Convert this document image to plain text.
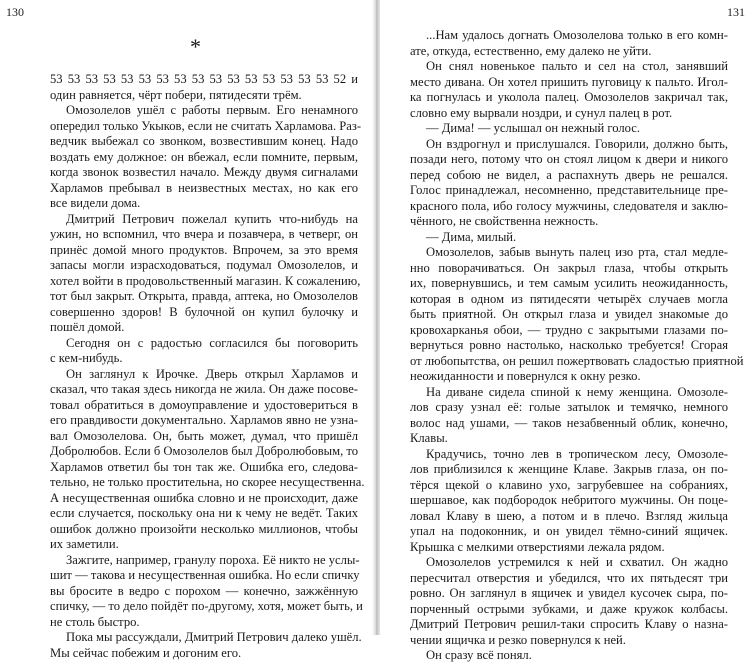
130
*
53 53 53 53 53 53 53 53 53 53 53 53 53 53 53 53 52 и
один равняется, чёрт побери, пятидесяти трём.
Омозолелов ушёл с работы первым. Его ненамного
опередил только Укыков, если не считать Харламова. Раз-
ведчик выбежал со звонком, возвестившим конец. Надо
воздать ему должное: он вбежал, если помните, первым,
когда звонок возвестил начало. Между двумя сигналами
Харламов пребывал в неизвестных местах, но как его
все видели дома.
Дмитрий Петрович пожелал купить что-нибудь на
ужин, но вспомнил, что вчера и позавчера, в четверг, он
принёс домой много продуктов. Впрочем, за это время
запасы могли израсходоваться, подумал Омозолелов, и
хотел войти в продовольственный магазин. К сожалению,
тот был закрыт. Открыта, правда, аптека, но Омозолелов
совершенно здоров! В булочной он купил булочку и
пошёл домой.
Сегодня он с радостью согласился бы поговорить
с кем-нибудь.
Он заглянул к Ирочке. Дверь открыл Харламов и
сказал, что такая здесь никогда не жила. Он даже посове-
товал обратиться в домоуправление и удостовериться в
его правдивости документально. Харламов явно не узна-
вал Омозолелова. Он, быть может, думал, что пришёл
Добролюбов. Если б Омозолелов был Добролюбовым, то
Харламов ответил бы тон так же. Ошибка его, следова-
тельно, не только простительна, но скорее несущественна.
А несущественная ошибка словно и не происходит, даже
если случается, поскольку она ни к чему не ведёт. Таких
ошибок должно произойти несколько миллионов, чтобы
их заметили.
Зажгите, например, гранулу пороха. Её никто не услы-
шит — такова и несущественная ошибка. Но если спичку
вы бросите в ведро с порохом — конечно, зажжённую
спичку, — то дело пойдёт по-другому, хотя, может быть, и
не столь быстро.
Пока мы рассуждали, Дмитрий Петрович далеко ушёл.
Мы сейчас побежим и догоним его.
131
...Нам удалось догнать Омозолелова только в его комн-
ате, откуда, естественно, ему далеко не уйти.
Он снял новенькое пальто и сел на стол, занявший
место дивана. Он хотел пришить пуговицу к пальто. Игол-
ка погнулась и уколола палец. Омозолелов закричал так,
словно ему вырвали ноздри, и сунул палец в рот.
— Дима! — услышал он нежный голос.
Он вздрогнул и прислушался. Говорили, должно быть,
позади него, потому что он стоял лицом к двери и никого
перед собою не видел, а распахнуть дверь не решался.
Голос принадлежал, несомненно, представительнице пре-
красного пола, ибо голосу мужчины, следователя и заклю-
чённого, не свойственна нежность.
— Дима, милый.
Омозолелов, забыв вынуть палец изо рта, стал медле-
нно поворачиваться. Он закрыл глаза, чтобы открыть
их, повернувшись, и тем самым усилить неожиданность,
которая в одном из пятидесяти четырёх случаев могла
быть приятной. Он открыл глаза и увидел знакомые до
кровохарканья обои, — трудно с закрытыми глазами по-
вернуться ровно настолько, насколько требуется! Сгорая
от любопытства, он решил пожертвовать сладостью приятной
неожиданности и повернулся к окну резко.
На диване сидела спиной к нему женщина. Омозоле-
лов сразу узнал её: голые затылок и темячко, немного
волос над ушами, — таков незабвенный облик, конечно,
Клавы.
Крадучись, точно лев в тропическом лесу, Омозоле-
лов приблизился к женщине Клаве. Закрыв глаза, он по-
тёрся щекой о клавино ухо, загрубевшее на собраниях,
шершавое, как подбородок небритого мужчины. Он поце-
ловал Клаву в шею, а потом и в плечо. Взгляд жильца
упал на подоконник, и он увидел тёмно-синий ящичек.
Крышка с мелкими отверстиями лежала рядом.
Омозолелов устремился к ней и схватил. Он жадно
пересчитал отверстия и убедился, что их пятьдесят три
ровно. Он заглянул в ящичек и увидел кусочек сыра, по-
порченный острыми зубками, и даже кружок колбасы.
Дмитрий Петрович решил-таки спросить Клаву о назна-
чении ящичка и резко повернулся к ней.
Он сразу всё понял.
